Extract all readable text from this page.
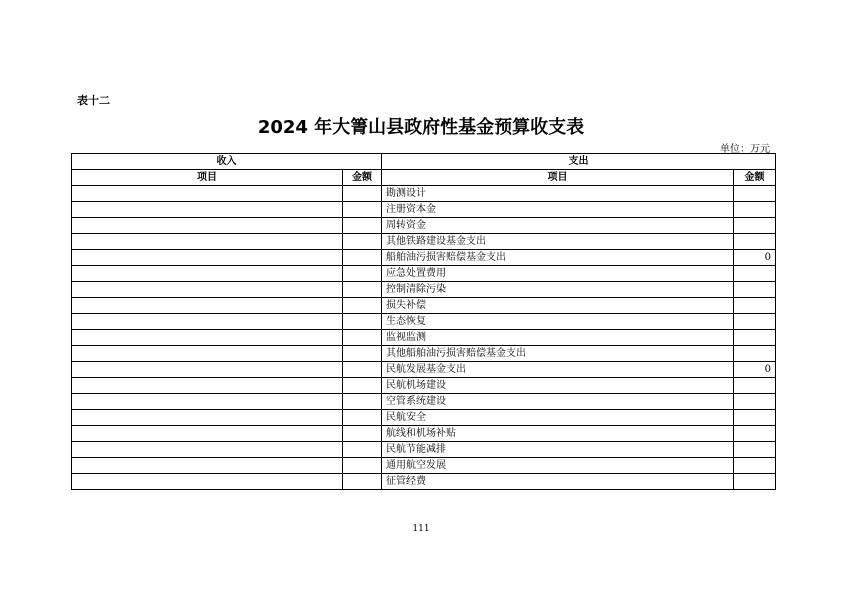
表十二
2024 年大箐山县政府性基金预算收支表
单位：万元
收入		支出	
项目	金额	项目	金额
		勘测设计	
		注册资本金	
		周转资金	
		其他铁路建设基金支出	
		船舶油污损害赔偿基金支出	0
		应急处置费用	
		控制清除污染	
		损失补偿	
		生态恢复	
		监视监测	
		其他船舶油污损害赔偿基金支出	
		民航发展基金支出	0
		民航机场建设	
		空管系统建设	
		民航安全	
		航线和机场补贴	
		民航节能减排	
		通用航空发展	
		征管经费	
111
